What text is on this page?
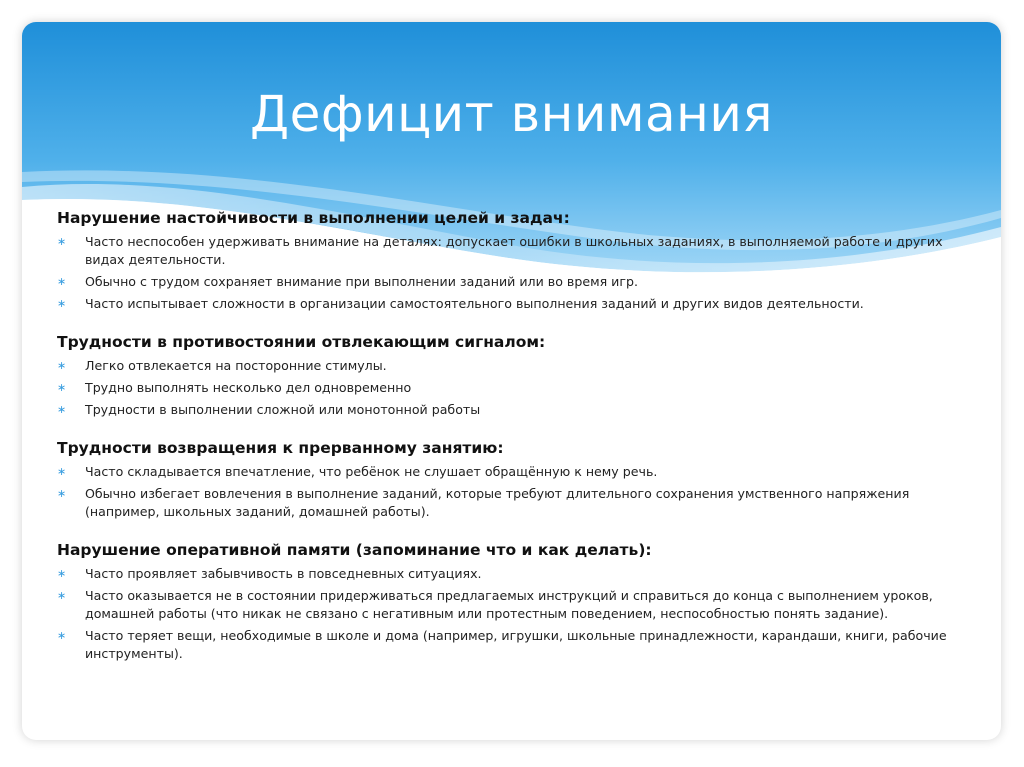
Дефицит внимания
Нарушение настойчивости в выполнении целей и задач:
∗ Часто неспособен удерживать внимание на деталях: допускает ошибки в школьных заданиях, в выполняемой работе и других видах деятельности.
∗ Обычно с трудом сохраняет внимание при выполнении заданий или во время игр.
∗ Часто испытывает сложности в организации самостоятельного выполнения заданий и других видов деятельности.
Трудности в противостоянии отвлекающим сигналом:
∗ Легко отвлекается на посторонние стимулы.
∗ Трудно выполнять несколько дел одновременно
∗ Трудности в выполнении сложной или монотонной работы
Трудности возвращения к прерванному занятию:
∗ Часто складывается впечатление, что ребёнок не слушает обращённую к нему речь.
∗ Обычно избегает вовлечения в выполнение заданий, которые требуют длительного сохранения умственного напряжения (например, школьных заданий, домашней работы).
Нарушение оперативной памяти (запоминание что и как делать):
∗ Часто проявляет забывчивость в повседневных ситуациях.
∗ Часто оказывается не в состоянии придерживаться предлагаемых инструкций и справиться до конца с выполнением уроков, домашней работы (что никак не связано с негативным или протестным поведением, неспособностью понять задание).
∗ Часто теряет вещи, необходимые в школе и дома (например, игрушки, школьные принадлежности, карандаши, книги, рабочие инструменты).
